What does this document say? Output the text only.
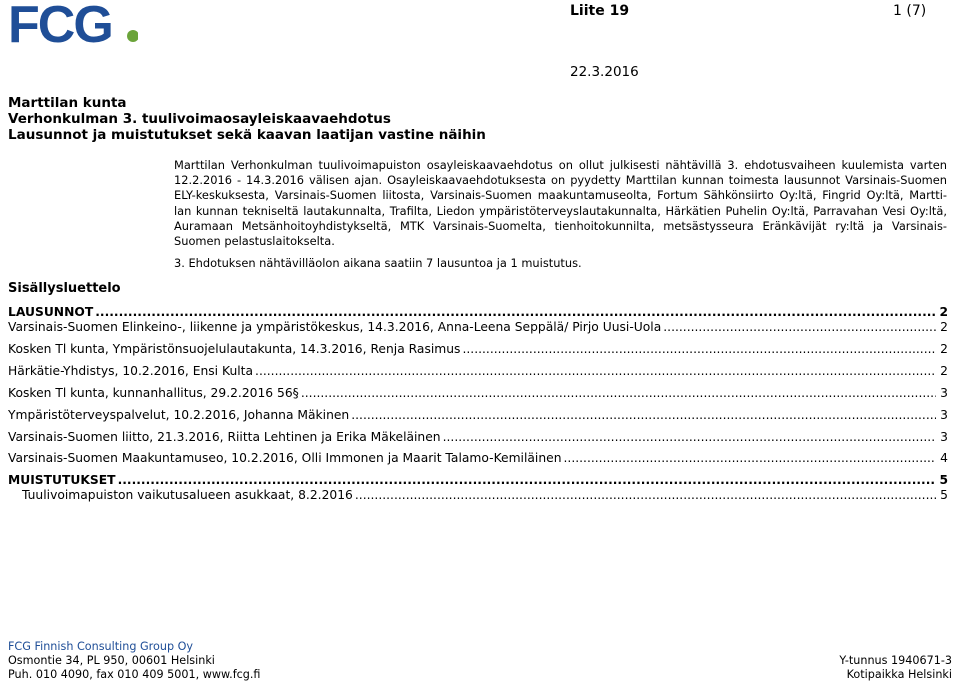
FCG	Liite 19	1 (7)
22.3.2016
Marttilan kunta
Verhonkulman 3. tuulivoimaosayleiskaavaehdotus
Lausunnot ja muistutukset sekä kaavan laatijan vastine näihin
Marttilan Verhonkulman tuulivoimapuiston osayleiskaavaehdotus on ollut julkisesti nähtävillä 3. ehdotusvaiheen kuulemista varten
12.2.2016 - 14.3.2016 välisen ajan. Osayleiskaavaehdotuksesta on pyydetty Marttilan kunnan toimesta lausunnot Varsinais-Suomen
ELY-keskuksesta, Varsinais-Suomen liitosta, Varsinais-Suomen maakuntamuseolta, Fortum Sähkönsiirto Oy:ltä, Fingrid Oy:ltä, Martti-
lan kunnan tekniseltä lautakunnalta, Trafilta, Liedon ympäristöterveyslautakunnalta, Härkätien Puhelin Oy:ltä, Parravahan Vesi Oy:ltä,
Auramaan Metsänhoitoyhdistykseltä, MTK Varsinais-Suomelta, tienhoitokunnilta, metsästysseura Eränkävijät ry:ltä ja Varsinais-
Suomen pelastuslaitokselta.
3. Ehdotuksen nähtävilläolon aikana saatiin 7 lausuntoa ja 1 muistutus.
Sisällysluettelo
LAUSUNNOT .....	2
Varsinais-Suomen Elinkeino-, liikenne ja ympäristökeskus, 14.3.2016, Anna-Leena Seppälä/ Pirjo Uusi-Uola .....	2
Kosken Tl kunta, Ympäristönsuojelulautakunta, 14.3.2016, Renja Rasimus .....	2
Härkätie-Yhdistys, 10.2.2016, Ensi Kulta .....	2
Kosken Tl kunta, kunnanhallitus, 29.2.2016 56§ .....	3
Ympäristöterveyspalvelut, 10.2.2016, Johanna Mäkinen .....	3
Varsinais-Suomen liitto, 21.3.2016, Riitta Lehtinen ja Erika Mäkeläinen .....	3
Varsinais-Suomen Maakuntamuseo, 10.2.2016, Olli Immonen ja Maarit Talamo-Kemiläinen .....	4
MUISTUTUKSET .....	5
Tuulivoimapuiston vaikutusalueen asukkaat, 8.2.2016 .....	5
FCG Finnish Consulting Group Oy
Osmontie 34, PL 950, 00601 Helsinki
Puh. 010 4090, fax 010 409 5001, www.fcg.fi
Y-tunnus 1940671-3
Kotipaikka Helsinki
